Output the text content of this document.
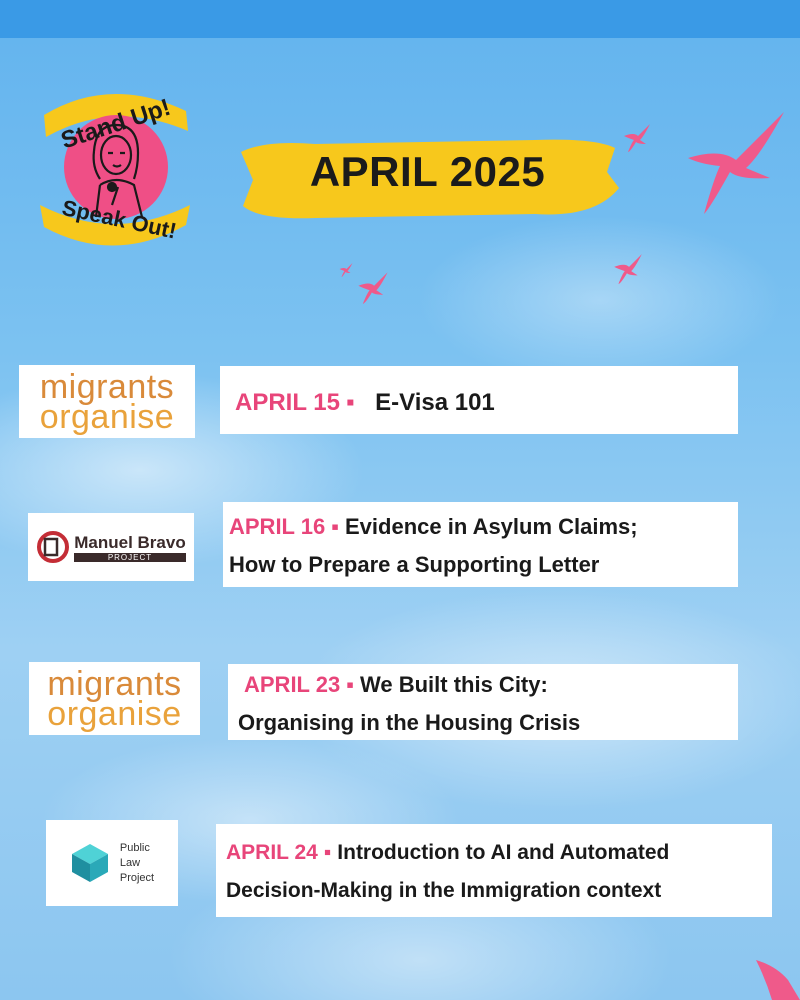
Stand Up!
Speak Out!
APRIL 2025
migrants
organise	APRIL 15 ▪ E-Visa 101
Manuel Bravo
PROJECT
APRIL 16 ▪ Evidence in Asylum Claims;
How to Prepare a Supporting Letter
migrants
organise
APRIL 23 ▪ We Built this City:
Organising in the Housing Crisis
Public
Law
Project
APRIL 24 ▪ Introduction to AI and Automated
Decision-Making in the Immigration context
